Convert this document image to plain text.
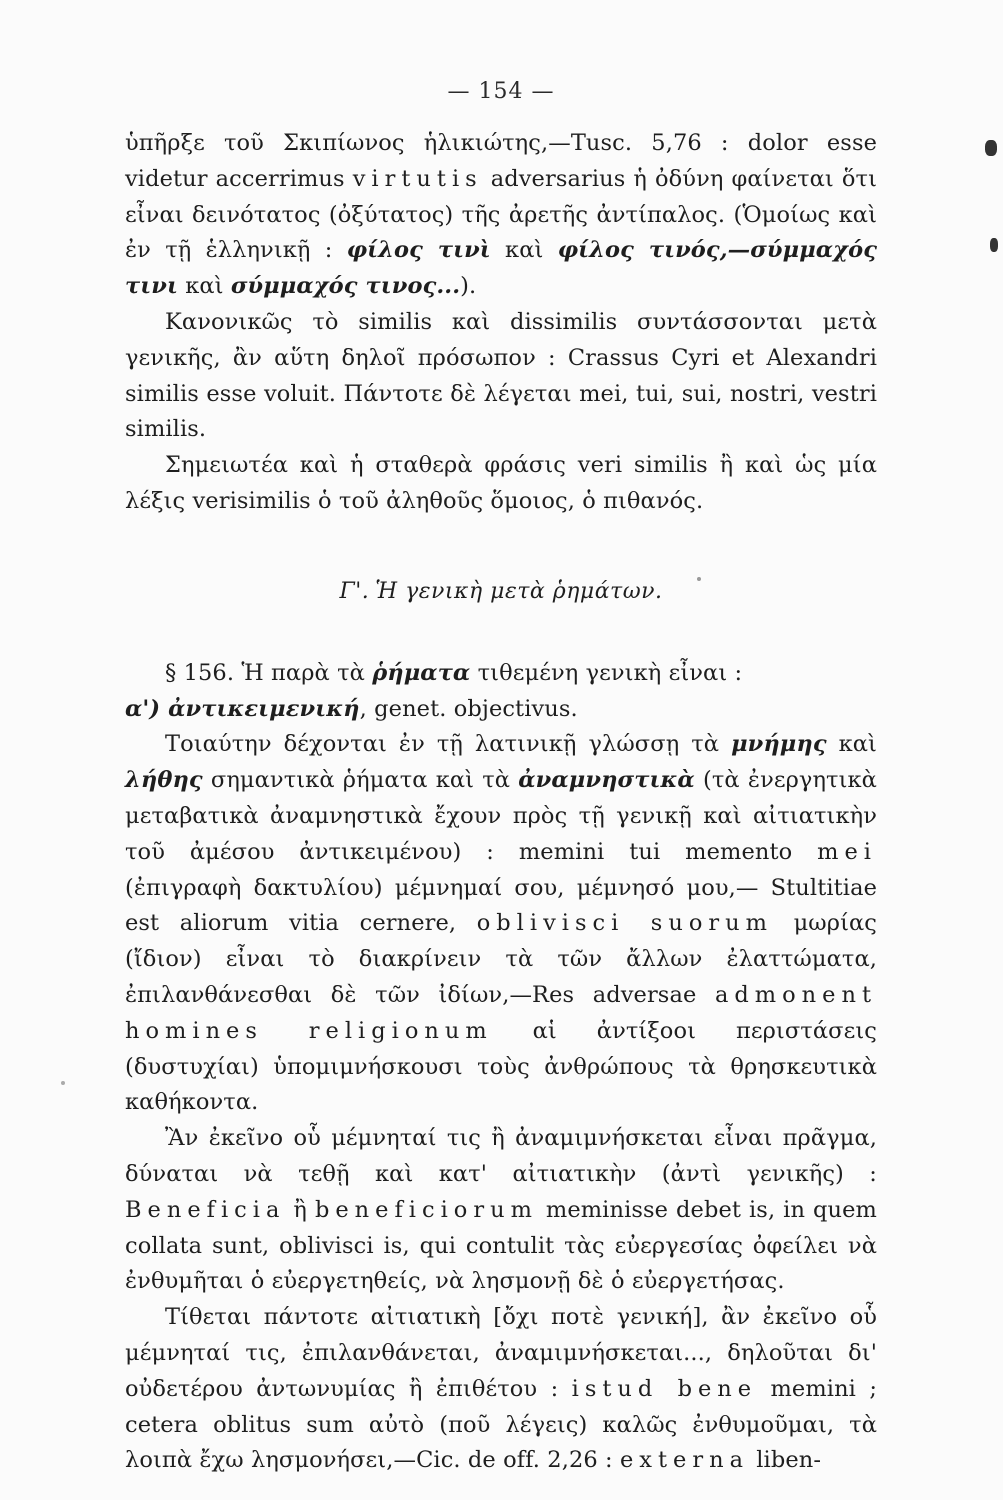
— 154 —

ὑπῆρξε τοῦ Σκιπίωνος ἡλικιώτης,—Tusc. 5,76 : dolor esse videtur accerrimus virtutis adversarius ἡ ὀδύνη φαίνεται ὅτι εἶναι δεινότατος (ὀξύτατος) τῆς ἀρετῆς ἀντίπαλος. (Ὁμοίως καὶ ἐν τῇ ἑλληνικῇ : φίλος τινὶ καὶ φίλος τινός,—σύμμαχός τινι καὶ σύμμαχός τινος...).

Κανονικῶς τὸ similis καὶ dissimilis συντάσσονται μετὰ γενικῆς, ἂν αὕτη δηλοῖ πρόσωπον : Crassus Cyri et Alexandri similis esse voluit. Πάντοτε δὲ λέγεται mei, tui, sui, nostri, vestri similis.

Σημειωτέα καὶ ἡ σταθερὰ φράσις veri similis ἢ καὶ ὡς μία λέξις verisimilis ὁ τοῦ ἀληθοῦς ὅμοιος, ὁ πιθανός.

Γ'. Ἡ γενικὴ μετὰ ῥημάτων.

§ 156. Ἡ παρὰ τὰ ῥήματα τιθεμένη γενικὴ εἶναι :
α') ἀντικειμενική, genet. objectivus.

Τοιαύτην δέχονται ἐν τῇ λατινικῇ γλώσσῃ τὰ μνήμης καὶ λήθης σημαντικὰ ῥήματα καὶ τὰ ἀναμνηστικὰ (τὰ ἐνεργητικὰ μεταβατικὰ ἀναμνηστικὰ ἔχουν πρὸς τῇ γενικῇ καὶ αἰτιατικὴν τοῦ ἀμέσου ἀντικειμένου) : memini tui memento mei (ἐπιγραφὴ δακτυλίου) μέμνημαί σου, μέμνησό μου,— Stultitiae est aliorum vitia cernere, oblivisci suorum μωρίας (ἴδιον) εἶναι τὸ διακρίνειν τὰ τῶν ἄλλων ἐλαττώματα, ἐπιλανθάνεσθαι δὲ τῶν ἰδίων,—Res adversae admonent homines religionum αἱ ἀντίξοοι περιστάσεις (δυστυχίαι) ὑπομιμνήσκουσι τοὺς ἀνθρώπους τὰ θρησκευτικὰ καθήκοντα.

Ἂν ἐκεῖνο οὗ μέμνηταί τις ἢ ἀναμιμνήσκεται εἶναι πρᾶγμα, δύναται νὰ τεθῇ καὶ κατ' αἰτιατικὴν (ἀντὶ γενικῆς) : Beneficia ἢ beneficiorum meminisse debet is, in quem collata sunt, oblivisci is, qui contulit τὰς εὐεργεσίας ὀφείλει νὰ ἐνθυμῆται ὁ εὐεργετηθείς, νὰ λησμονῇ δὲ ὁ εὐεργετήσας.

Τίθεται πάντοτε αἰτιατικὴ [ὄχι ποτὲ γενική], ἂν ἐκεῖνο οὗ μέμνηταί τις, ἐπιλανθάνεται, ἀναμιμνήσκεται..., δηλοῦται δι' οὐδετέρου ἀντωνυμίας ἢ ἐπιθέτου : istud bene memini ; cetera oblitus sum αὐτὸ (ποῦ λέγεις) καλῶς ἐνθυμοῦμαι, τὰ λοιπὰ ἔχω λησμονήσει,—Cic. de off. 2,26 : externa liben-
